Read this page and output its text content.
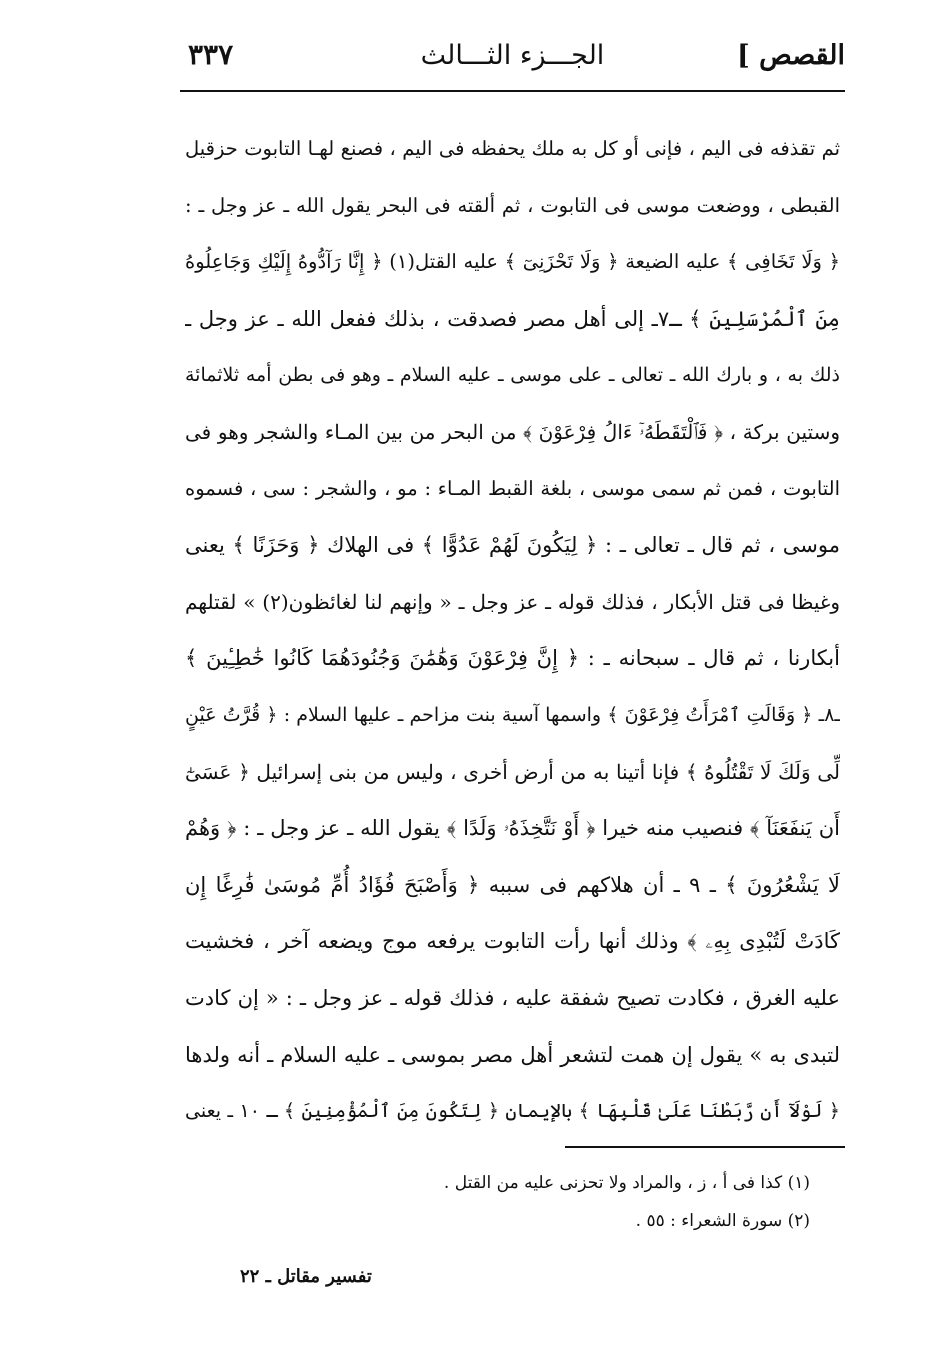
القصص ]
الجـــزء الثـــالث
٣٣٧
ثم تقذفه فى اليم ، فإنى أو كل به ملك يحفظه فى اليم ، فصنع لهـا التابوت حزقيل
القبطى ، ووضعت موسى فى التابوت ، ثم ألقته فى البحر يقول الله ـ عز وجل ـ :
﴿ وَلَا تَخَافِى ﴾ عليه الضيعة ﴿ وَلَا تَحْزَنِىٓ ﴾ عليه القتل(١) ﴿ إِنَّا رَآدُّوهُ إِلَيْكِ وَجَاعِلُوهُ
مِنَ ٱلْمُرْسَلِينَ ﴾ ـ٧ـ إلى أهل مصر فصدقت ، بذلك ففعل الله ـ عز وجل ـ
ذلك به ، و بارك الله ـ تعالى ـ على موسى ـ عليه السلام ـ وهو فى بطن أمه ثلاثمائة
وستين بركة ، ﴿ فَٱلْتَقَطَهُۥٓ ءَالُ فِرْعَوْنَ ﴾ من البحر من بين المـاء والشجر وهو فى
التابوت ، فمن ثم سمى موسى ، بلغة القبط المـاء : مو ، والشجر : سى ، فسموه
موسى ، ثم قال ـ تعالى ـ : ﴿ لِيَكُونَ لَهُمْ عَدُوًّا ﴾ فى الهلاك ﴿ وَحَزَنًا ﴾ يعنى
وغيظا فى قتل الأبكار ، فذلك قوله ـ عز وجل ـ « وإنهم لنا لغائظون(٢) » لقتلهم
أبكارنا ، ثم قال ـ سبحانه ـ : ﴿ إِنَّ فِرْعَوْنَ وَهَٰمَٰنَ وَجُنُودَهُمَا كَانُوا خَٰطِـِٔينَ ﴾
ـ٨ـ ﴿ وَقَالَتِ ٱمْرَأَتُ فِرْعَوْنَ ﴾ واسمها آسية بنت مزاحم ـ عليها السلام : ﴿ قُرَّتُ عَيْنٍ
لِّى وَلَكَ لَا تَقْتُلُوهُ ﴾ فإنا أتينا به من أرض أخرى ، وليس من بنى إسرائيل ﴿ عَسَىٰٓ
أَن يَنفَعَنَآ ﴾ فنصيب منه خيرا ﴿ أَوْ نَتَّخِذَهُۥ وَلَدًا ﴾ يقول الله ـ عز وجل ـ : ﴿ وَهُمْ
لَا يَشْعُرُونَ ﴾ ـ ٩ ـ أن هلاكهم فى سببه ﴿ وَأَصْبَحَ فُؤَادُ أُمِّ مُوسَىٰ فَٰرِغًا إِن
كَادَتْ لَتُبْدِى بِهِۦ ﴾ وذلك أنها رأت التابوت يرفعه موج ويضعه آخر ، فخشيت
عليه الغرق ، فكادت تصيح شفقة عليه ، فذلك قوله ـ عز وجل ـ : « إن كادت
لتبدى به » يقول إن همت لتشعر أهل مصر بموسى ـ عليه السلام ـ أنه ولدها
﴿ لَوْلَآ أَن رَّبَطْنَا عَلَىٰ قَلْبِهَا ﴾ بالإيمان ﴿ لِتَكُونَ مِنَ ٱلْمُؤْمِنِينَ ﴾ ـ ١٠ ـ يعنى
(١) كذا فى أ ، ز ، والمراد ولا تحزنى عليه من القتل .
(٢) سورة الشعراء : ٥٥ .
تفسير مقاتل ـ ٢٢
